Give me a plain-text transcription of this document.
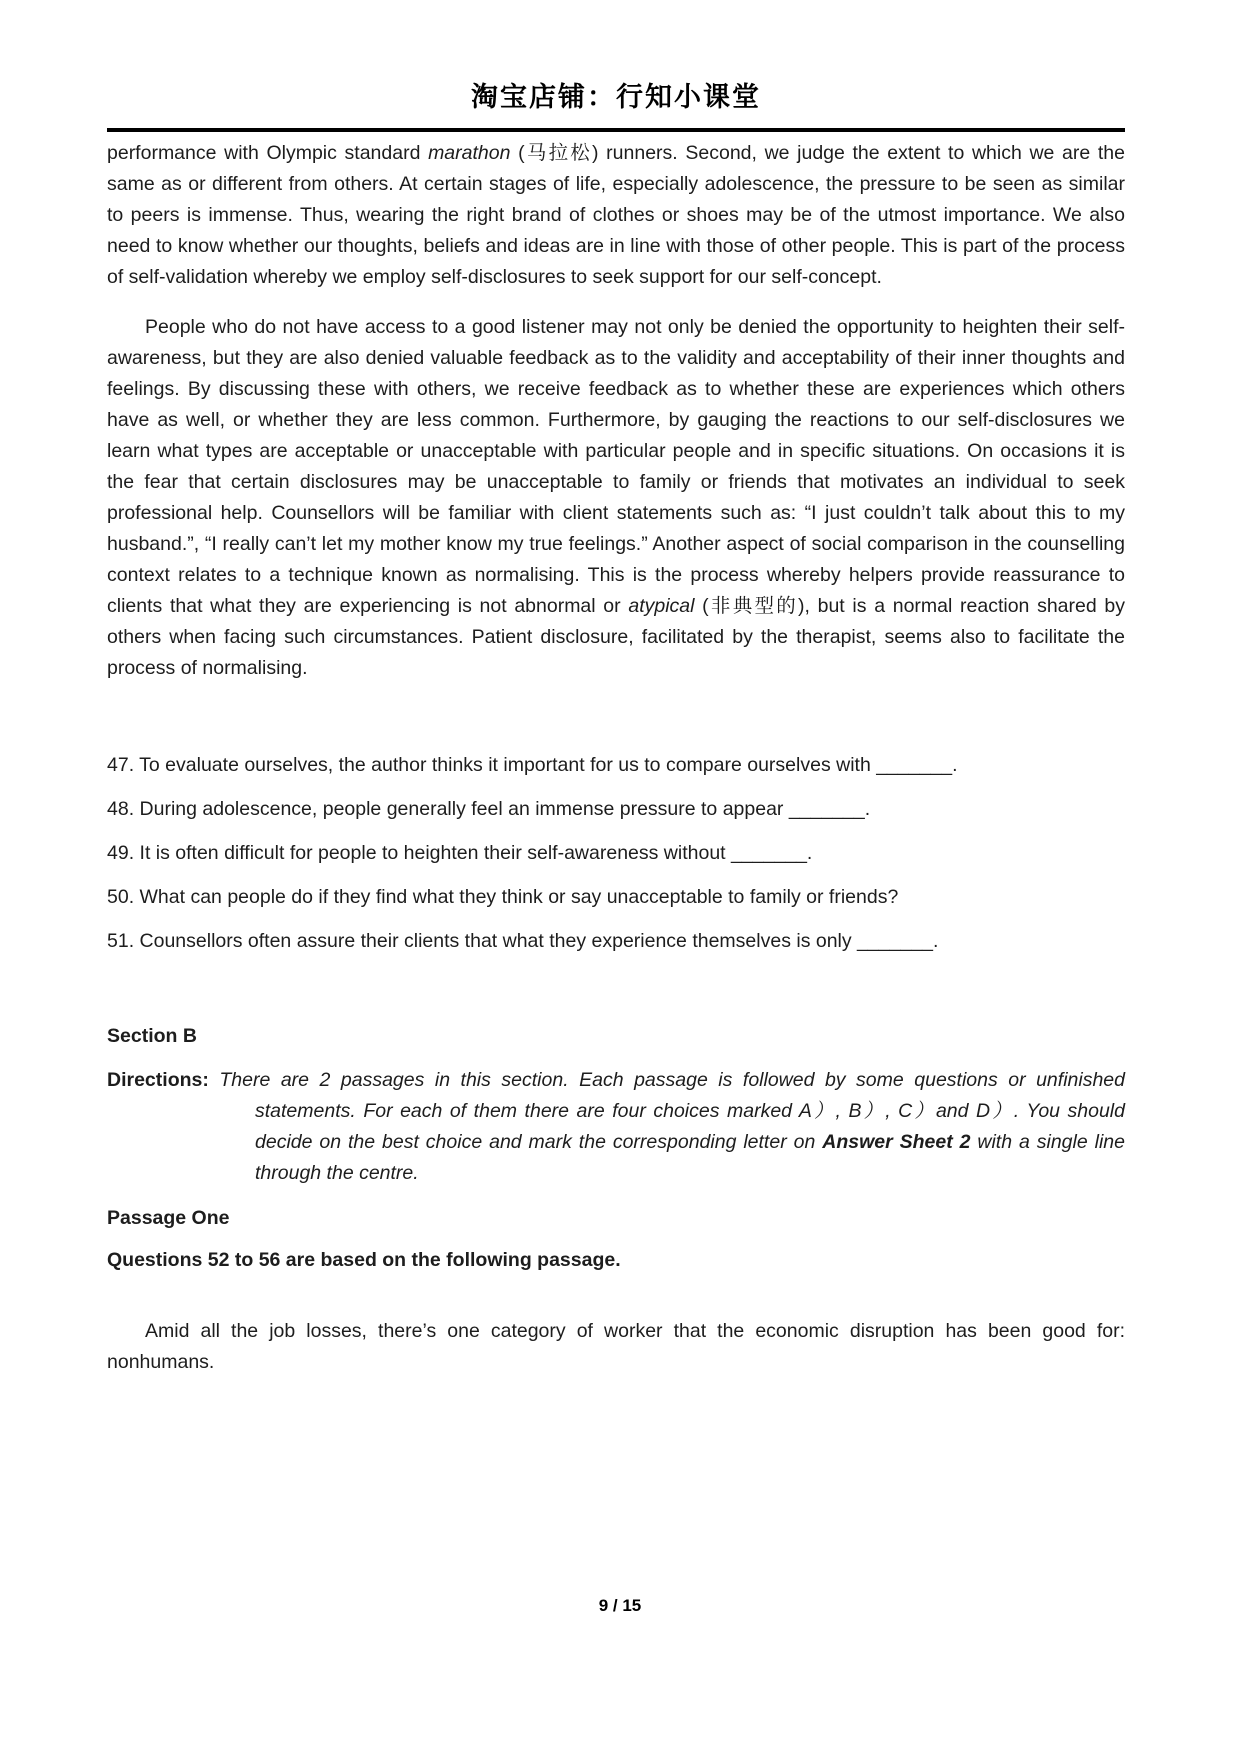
淘宝店铺：行知小课堂

performance with Olympic standard marathon (马拉松) runners. Second, we judge the extent to which we are the same as or different from others. At certain stages of life, especially adolescence, the pressure to be seen as similar to peers is immense. Thus, wearing the right brand of clothes or shoes may be of the utmost importance. We also need to know whether our thoughts, beliefs and ideas are in line with those of other people. This is part of the process of self-validation whereby we employ self-disclosures to seek support for our self-concept.

People who do not have access to a good listener may not only be denied the opportunity to heighten their self-awareness, but they are also denied valuable feedback as to the validity and acceptability of their inner thoughts and feelings. By discussing these with others, we receive feedback as to whether these are experiences which others have as well, or whether they are less common. Furthermore, by gauging the reactions to our self-disclosures we learn what types are acceptable or unacceptable with particular people and in specific situations. On occasions it is the fear that certain disclosures may be unacceptable to family or friends that motivates an individual to seek professional help. Counsellors will be familiar with client statements such as: “I just couldn’t talk about this to my husband.”, “I really can’t let my mother know my true feelings.” Another aspect of social comparison in the counselling context relates to a technique known as normalising. This is the process whereby helpers provide reassurance to clients that what they are experiencing is not abnormal or atypical (非典型的), but is a normal reaction shared by others when facing such circumstances. Patient disclosure, facilitated by the therapist, seems also to facilitate the process of normalising.

47. To evaluate ourselves, the author thinks it important for us to compare ourselves with _______.

48. During adolescence, people generally feel an immense pressure to appear _______.

49. It is often difficult for people to heighten their self-awareness without _______.

50. What can people do if they find what they think or say unacceptable to family or friends?

51. Counsellors often assure their clients that what they experience themselves is only _______.

Section B
Directions: There are 2 passages in this section. Each passage is followed by some questions or unfinished statements. For each of them there are four choices marked A）, B）, C）and D）. You should decide on the best choice and mark the corresponding letter on Answer Sheet 2 with a single line through the centre.
Passage One
Questions 52 to 56 are based on the following passage.

Amid all the job losses, there’s one category of worker that the economic disruption has been good for: nonhumans.

9 / 15
